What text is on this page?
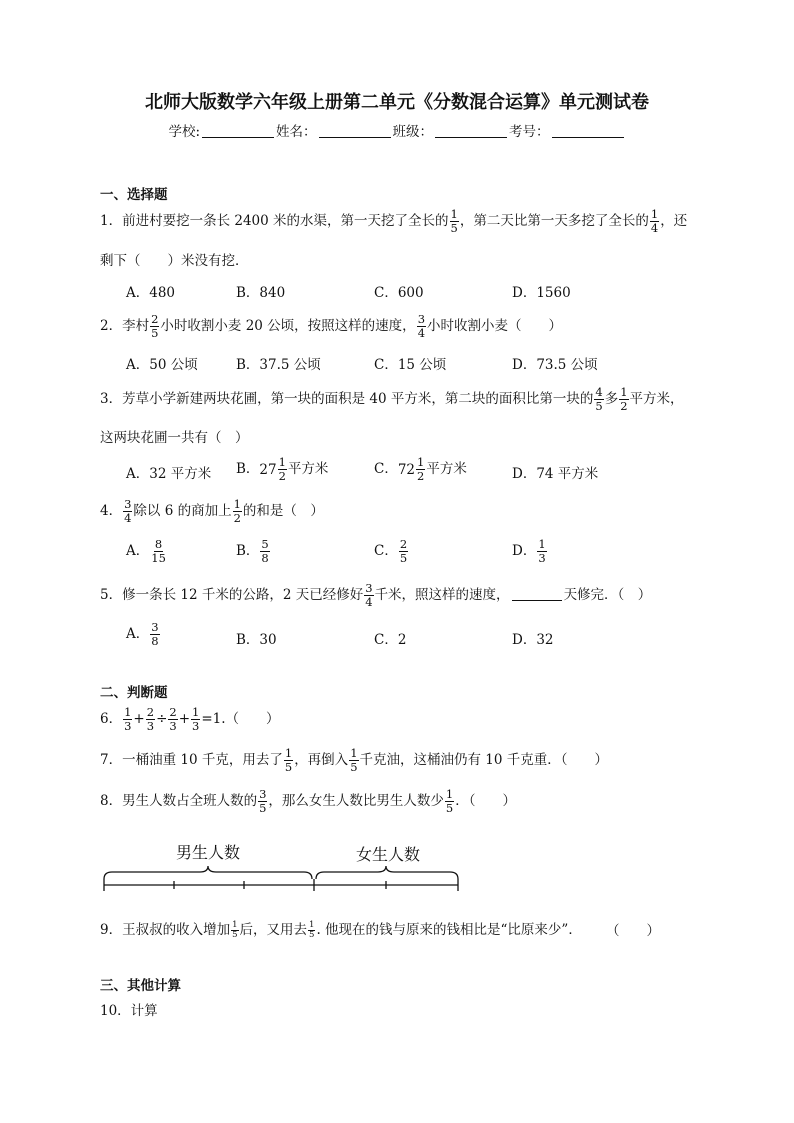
北师大版数学六年级上册第二单元《分数混合运算》单元测试卷
学校:	姓名：	班级：	考号：
一、选择题
1．前进村要挖一条长 2400 米的水渠，第一天挖了全长的 $\frac{1}{5}$ ，第二天比第一天多挖了全长的 $\frac{1}{4}$ ，还
剩下（　　）米没有挖．
A．480	B．840	C．600	D．1560
2．李村 $\frac{2}{5}$ 小时收割小麦 20 公顷，按照这样的速度， $\frac{3}{4}$ 小时收割小麦（　　）
A．50 公顷	B．37.5 公顷	C．15 公顷	D．73.5 公顷
3．芳草小学新建两块花圃，第一块的面积是 40 平方米，第二块的面积比第一块的 $\frac{4}{5}$ 多 $\frac{1}{2}$ 平方米，
这两块花圃一共有（　）
A．32 平方米 B． $27 \frac{1}{2}$ 平方米	C． $72 \frac{1}{2}$ 平方米	D．74 平方米
4． $\frac{3}{4}$ 除以 6 的商加上 $\frac{1}{2}$ 的和是（　）
A． $\frac{8}{15}$	B． $\frac{5}{8}$	C． $\frac{2}{5}$	D． $\frac{1}{3}$
5．修一条长 12 千米的公路，2 天已经修好 $\frac{3}{4}$ 千米，照这样的速度，	天修完．（　）
A． $\frac{3}{8}$	B．30	C．2	D．32
二、判断题
6． $\frac{1}{3} + \frac{2}{3} \div \frac{2}{3} + \frac{1}{3} =1$.（　　）
7．一桶油重 10 千克，用去了 $\frac{1}{5}$ ，再倒入 $\frac{1}{5}$ 千克油，这桶油仍有 10 千克重．（　　）
8．男生人数占全班人数的 $\frac{3}{5}$ ，那么女生人数比男生人数少 $\frac{1}{5}$ ．（　　）
男生人数	女生人数
9．王叔叔的收入增加 $\frac{1}{5}$ 后，又用去 $\frac{1}{5}$ . 他现在的钱与原来的钱相比是“比原来少”． （　　）
三、其他计算
10．计算
